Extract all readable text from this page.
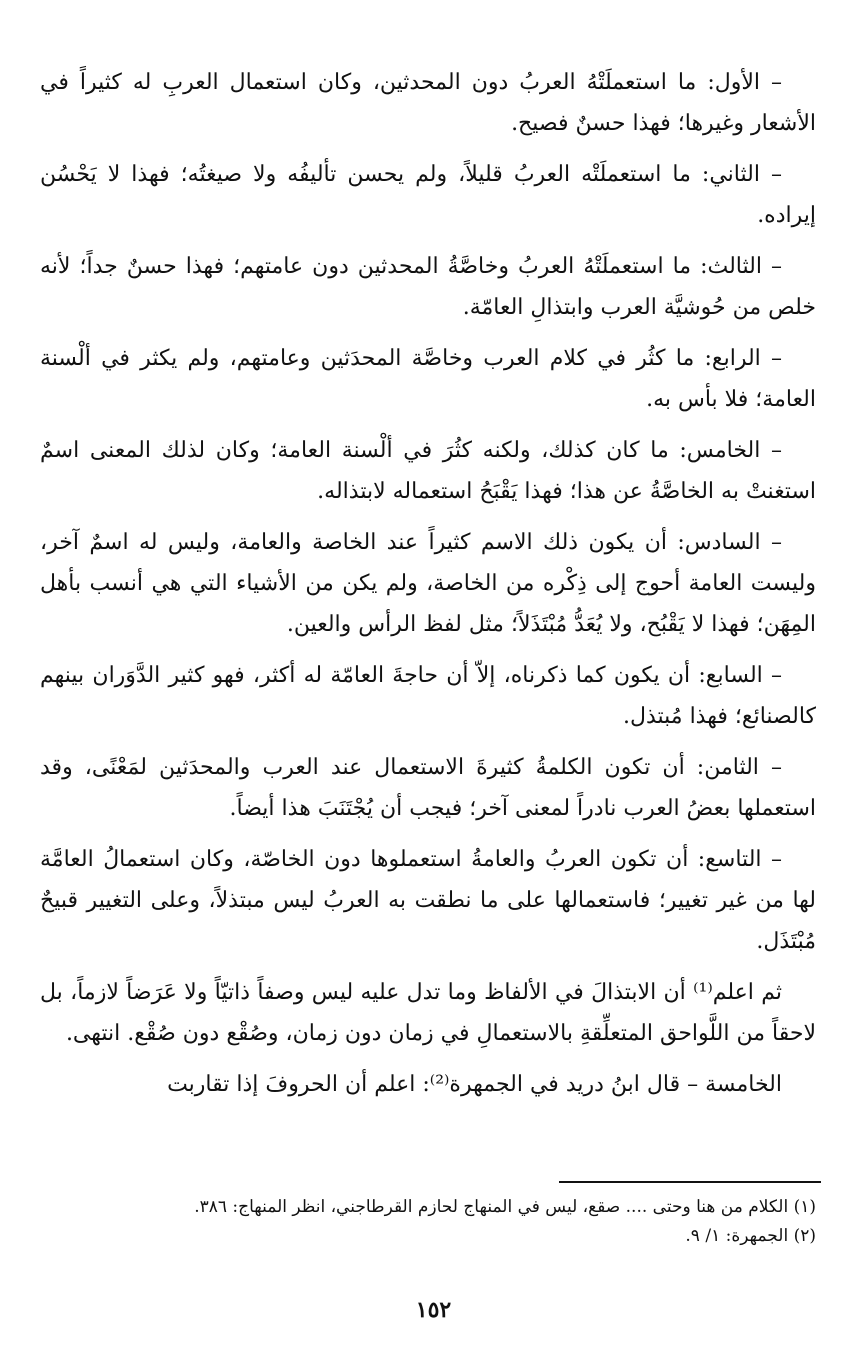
– الأول: ما استعملَتْهُ العربُ دون المحدثين، وكان استعمال العربِ له كثيراً في الأشعار وغيرها؛ فهذا حسنٌ فصيح.

– الثاني: ما استعملَتْه العربُ قليلاً، ولم يحسن تأليفُه ولا صيغتُه؛ فهذا لا يَحْسُن إيراده.

– الثالث: ما استعملَتْهُ العربُ وخاصَّةُ المحدثين دون عامتهم؛ فهذا حسنٌ جداً؛ لأنه خلص من حُوشيَّة العرب وابتذالِ العامّة.

– الرابع: ما كثُر في كلام العرب وخاصَّة المحدَثين وعامتهم، ولم يكثر في ألْسنة العامة؛ فلا بأس به.

– الخامس: ما كان كذلك، ولكنه كثُرَ في ألْسنة العامة؛ وكان لذلك المعنى اسمٌ استغنتْ به الخاصَّةُ عن هذا؛ فهذا يَقْبَحُ استعماله لابتذاله.

– السادس: أن يكون ذلك الاسم كثيراً عند الخاصة والعامة، وليس له اسمٌ آخر، وليست العامة أحوج إلى ذِكْره من الخاصة، ولم يكن من الأشياء التي هي أنسب بأهل المِهَن؛ فهذا لا يَقْبُح، ولا يُعَدُّ مُبْتَذَلاً؛ مثل لفظ الرأس والعين.

– السابع: أن يكون كما ذكرناه، إلاّ أن حاجةَ العامّة له أكثر، فهو كثير الدَّوَران بينهم كالصنائع؛ فهذا مُبتذل.

– الثامن: أن تكون الكلمةُ كثيرةَ الاستعمال عند العرب والمحدَثين لمَعْنًى، وقد استعملها بعضُ العرب نادراً لمعنى آخر؛ فيجب أن يُجْتَنَبَ هذا أيضاً.

– التاسع: أن تكون العربُ والعامةُ استعملوها دون الخاصّة، وكان استعمالُ العامَّة لها من غير تغيير؛ فاستعمالها على ما نطقت به العربُ ليس مبتذلاً، وعلى التغيير قبيحٌ مُبْتَذَل.

ثم اعلم⁽¹⁾ أن الابتذالَ في الألفاظ وما تدل عليه ليس وصفاً ذاتيّاً ولا عَرَضاً لازماً، بل لاحقاً من اللَّواحق المتعلِّقةِ بالاستعمالِ في زمان دون زمان، وصُقْع دون صُقْع. انتهى.

الخامسة – قال ابنُ دريد في الجمهرة⁽²⁾: اعلم أن الحروفَ إذا تقاربت

(١) الكلام من هنا وحتى .... صقع، ليس في المنهاج لحازم القرطاجني، انظر المنهاج: ٣٨٦.

(٢) الجمهرة: ١/ ٩.

١٥٢
